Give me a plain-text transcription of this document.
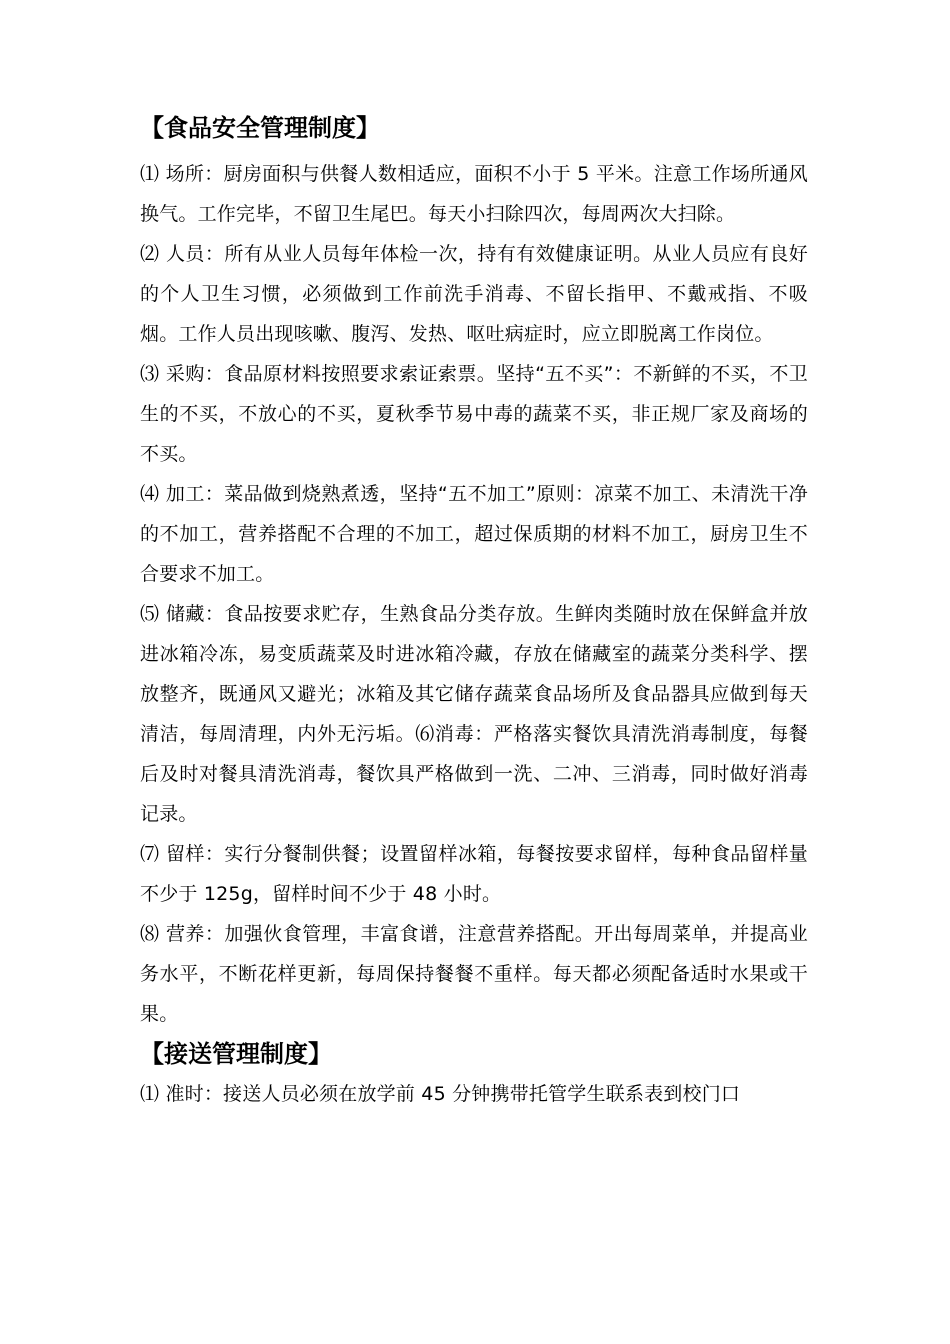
【食品安全管理制度】

⑴ 场所：厨房面积与供餐人数相适应，面积不小于 5 平米。注意工作场所通风换气。工作完毕，不留卫生尾巴。每天小扫除四次，每周两次大扫除。

⑵ 人员：所有从业人员每年体检一次，持有有效健康证明。从业人员应有良好的个人卫生习惯，必须做到工作前洗手消毒、不留长指甲、不戴戒指、不吸烟。工作人员出现咳嗽、腹泻、发热、呕吐病症时，应立即脱离工作岗位。

⑶ 采购：食品原材料按照要求索证索票。坚持“五不买”：不新鲜的不买，不卫生的不买，不放心的不买，夏秋季节易中毒的蔬菜不买，非正规厂家及商场的不买。

⑷ 加工：菜品做到烧熟煮透，坚持“五不加工”原则：凉菜不加工、未清洗干净的不加工，营养搭配不合理的不加工，超过保质期的材料不加工，厨房卫生不合要求不加工。

⑸ 储藏：食品按要求贮存，生熟食品分类存放。生鲜肉类随时放在保鲜盒并放进冰箱冷冻，易变质蔬菜及时进冰箱冷藏，存放在储藏室的蔬菜分类科学、摆放整齐，既通风又避光；冰箱及其它储存蔬菜食品场所及食品器具应做到每天清洁，每周清理，内外无污垢。⑹消毒：严格落实餐饮具清洗消毒制度，每餐后及时对餐具清洗消毒，餐饮具严格做到一洗、二冲、三消毒，同时做好消毒记录。

⑺ 留样：实行分餐制供餐；设置留样冰箱，每餐按要求留样，每种食品留样量不少于 125g，留样时间不少于 48 小时。

⑻ 营养：加强伙食管理，丰富食谱，注意营养搭配。开出每周菜单，并提高业务水平，不断花样更新，每周保持餐餐不重样。每天都必须配备适时水果或干果。

【接送管理制度】

⑴ 准时：接送人员必须在放学前 45 分钟携带托管学生联系表到校门口
